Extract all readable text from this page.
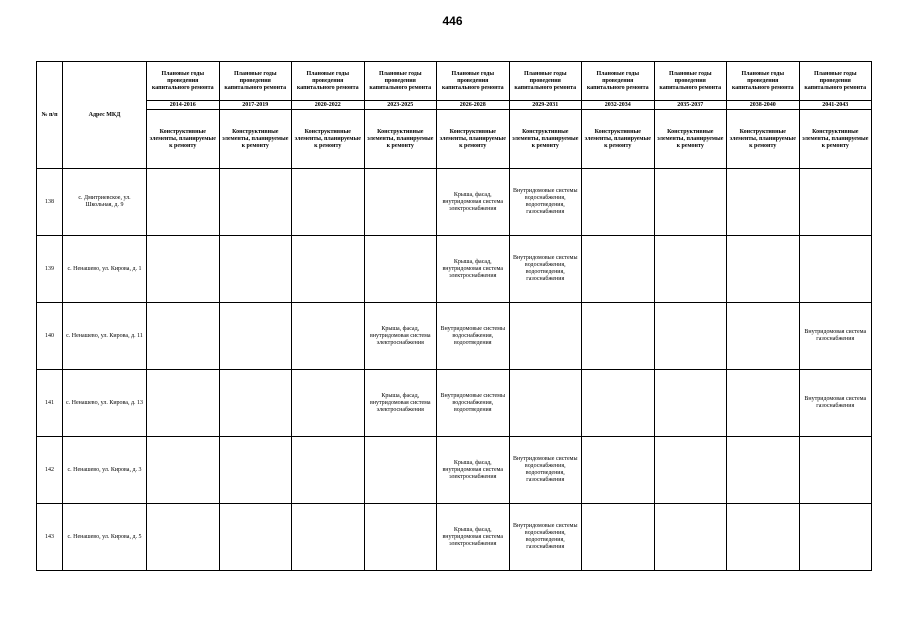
446
№ п/п	Адрес МКД	Плановые годы проведения капитального ремонта	Плановые годы проведения капитального ремонта	Плановые годы проведения капитального ремонта	Плановые годы проведения капитального ремонта	Плановые годы проведения капитального ремонта	Плановые годы проведения капитального ремонта	Плановые годы проведения капитального ремонта	Плановые годы проведения капитального ремонта	Плановые годы проведения капитального ремонта	Плановые годы проведения капитального ремонта
		2014-2016	2017-2019	2020-2022	2023-2025	2026-2028	2029-2031	2032-2034	2035-2037	2038-2040	2041-2043
		Конструктивные элементы, планируемые к ремонту	Конструктивные элементы, планируемые к ремонту	Конструктивные элементы, планируемые к ремонту	Конструктивные элементы, планируемые к ремонту	Конструктивные элементы, планируемые к ремонту	Конструктивные элементы, планируемые к ремонту	Конструктивные элементы, планируемые к ремонту	Конструктивные элементы, планируемые к ремонту	Конструктивные элементы, планируемые к ремонту	Конструктивные элементы, планируемые к ремонту
138	с. Дмитриевское, ул. Школьная, д. 9					Крыша, фасад, внутридомовая система электроснабжения	Внутридомовые системы водоснабжения, водоотведения, газоснабжения				
139	с. Ненашево, ул. Кирова, д. 1					Крыша, фасад, внутридомовая система электроснабжения	Внутридомовые системы водоснабжения, водоотведения, газоснабжения				
140	с. Ненашево, ул. Кирова, д. 11				Крыша, фасад, внутридомовая система электроснабжения	Внутридомовые системы водоснабжения, водоотведения					Внутридомовая система газоснабжения
141	с. Ненашево, ул. Кирова, д. 13				Крыша, фасад, внутридомовая система электроснабжения	Внутридомовые системы водоснабжения, водоотведения					Внутридомовая система газоснабжения
142	с. Ненашево, ул. Кирова, д. 3					Крыша, фасад, внутридомовая система электроснабжения	Внутридомовые системы водоснабжения, водоотведения, газоснабжения				
143	с. Ненашево, ул. Кирова, д. 5					Крыша, фасад, внутридомовая система электроснабжения	Внутридомовые системы водоснабжения, водоотведения, газоснабжения				
